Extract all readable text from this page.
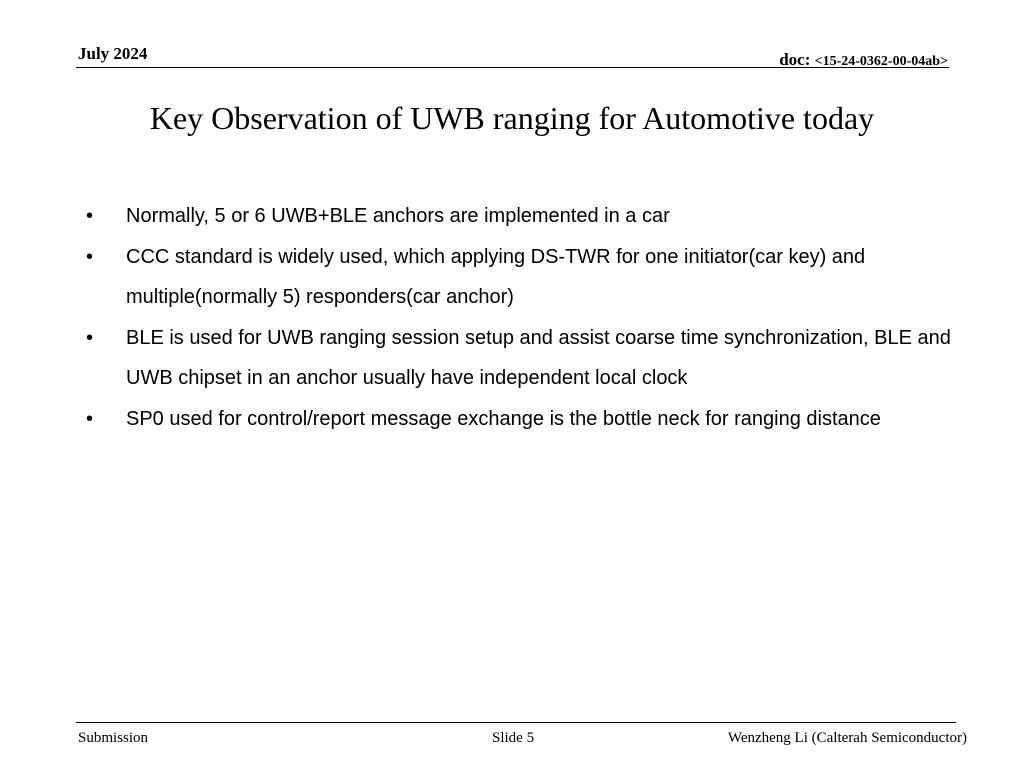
July 2024	doc: <15-24-0362-00-04ab>
Key Observation of UWB ranging for Automotive today
•	Normally, 5 or 6 UWB+BLE anchors are implemented in a car
•	CCC standard is widely used, which applying DS-TWR for one initiator(car key) and multiple(normally 5) responders(car anchor)
•	BLE is used for UWB ranging session setup and assist coarse time synchronization, BLE and UWB chipset in an anchor usually have independent local clock
•	SP0 used for control/report message exchange is the bottle neck for ranging distance
Submission	Slide 5	Wenzheng Li (Calterah Semiconductor)
